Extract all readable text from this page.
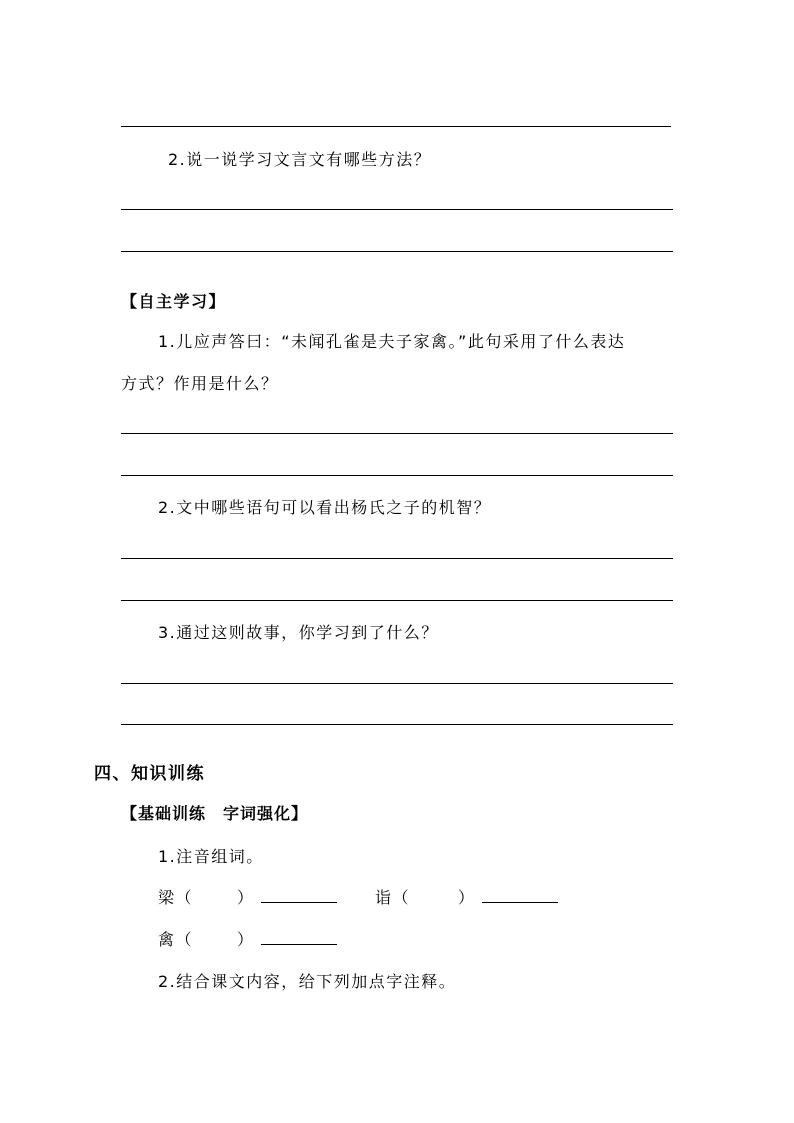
2.说一说学习文言文有哪些方法？
【自主学习】
1.儿应声答曰：“未闻孔雀是夫子家禽。”此句采用了什么表达
方式？作用是什么？
2.文中哪些语句可以看出杨氏之子的机智？
3.通过这则故事，你学习到了什么？
四、知识训练
【基础训练　字词强化】
1.注音组词。
梁（	）	诣（	）
禽（	）
2.结合课文内容，给下列加点字注释。
